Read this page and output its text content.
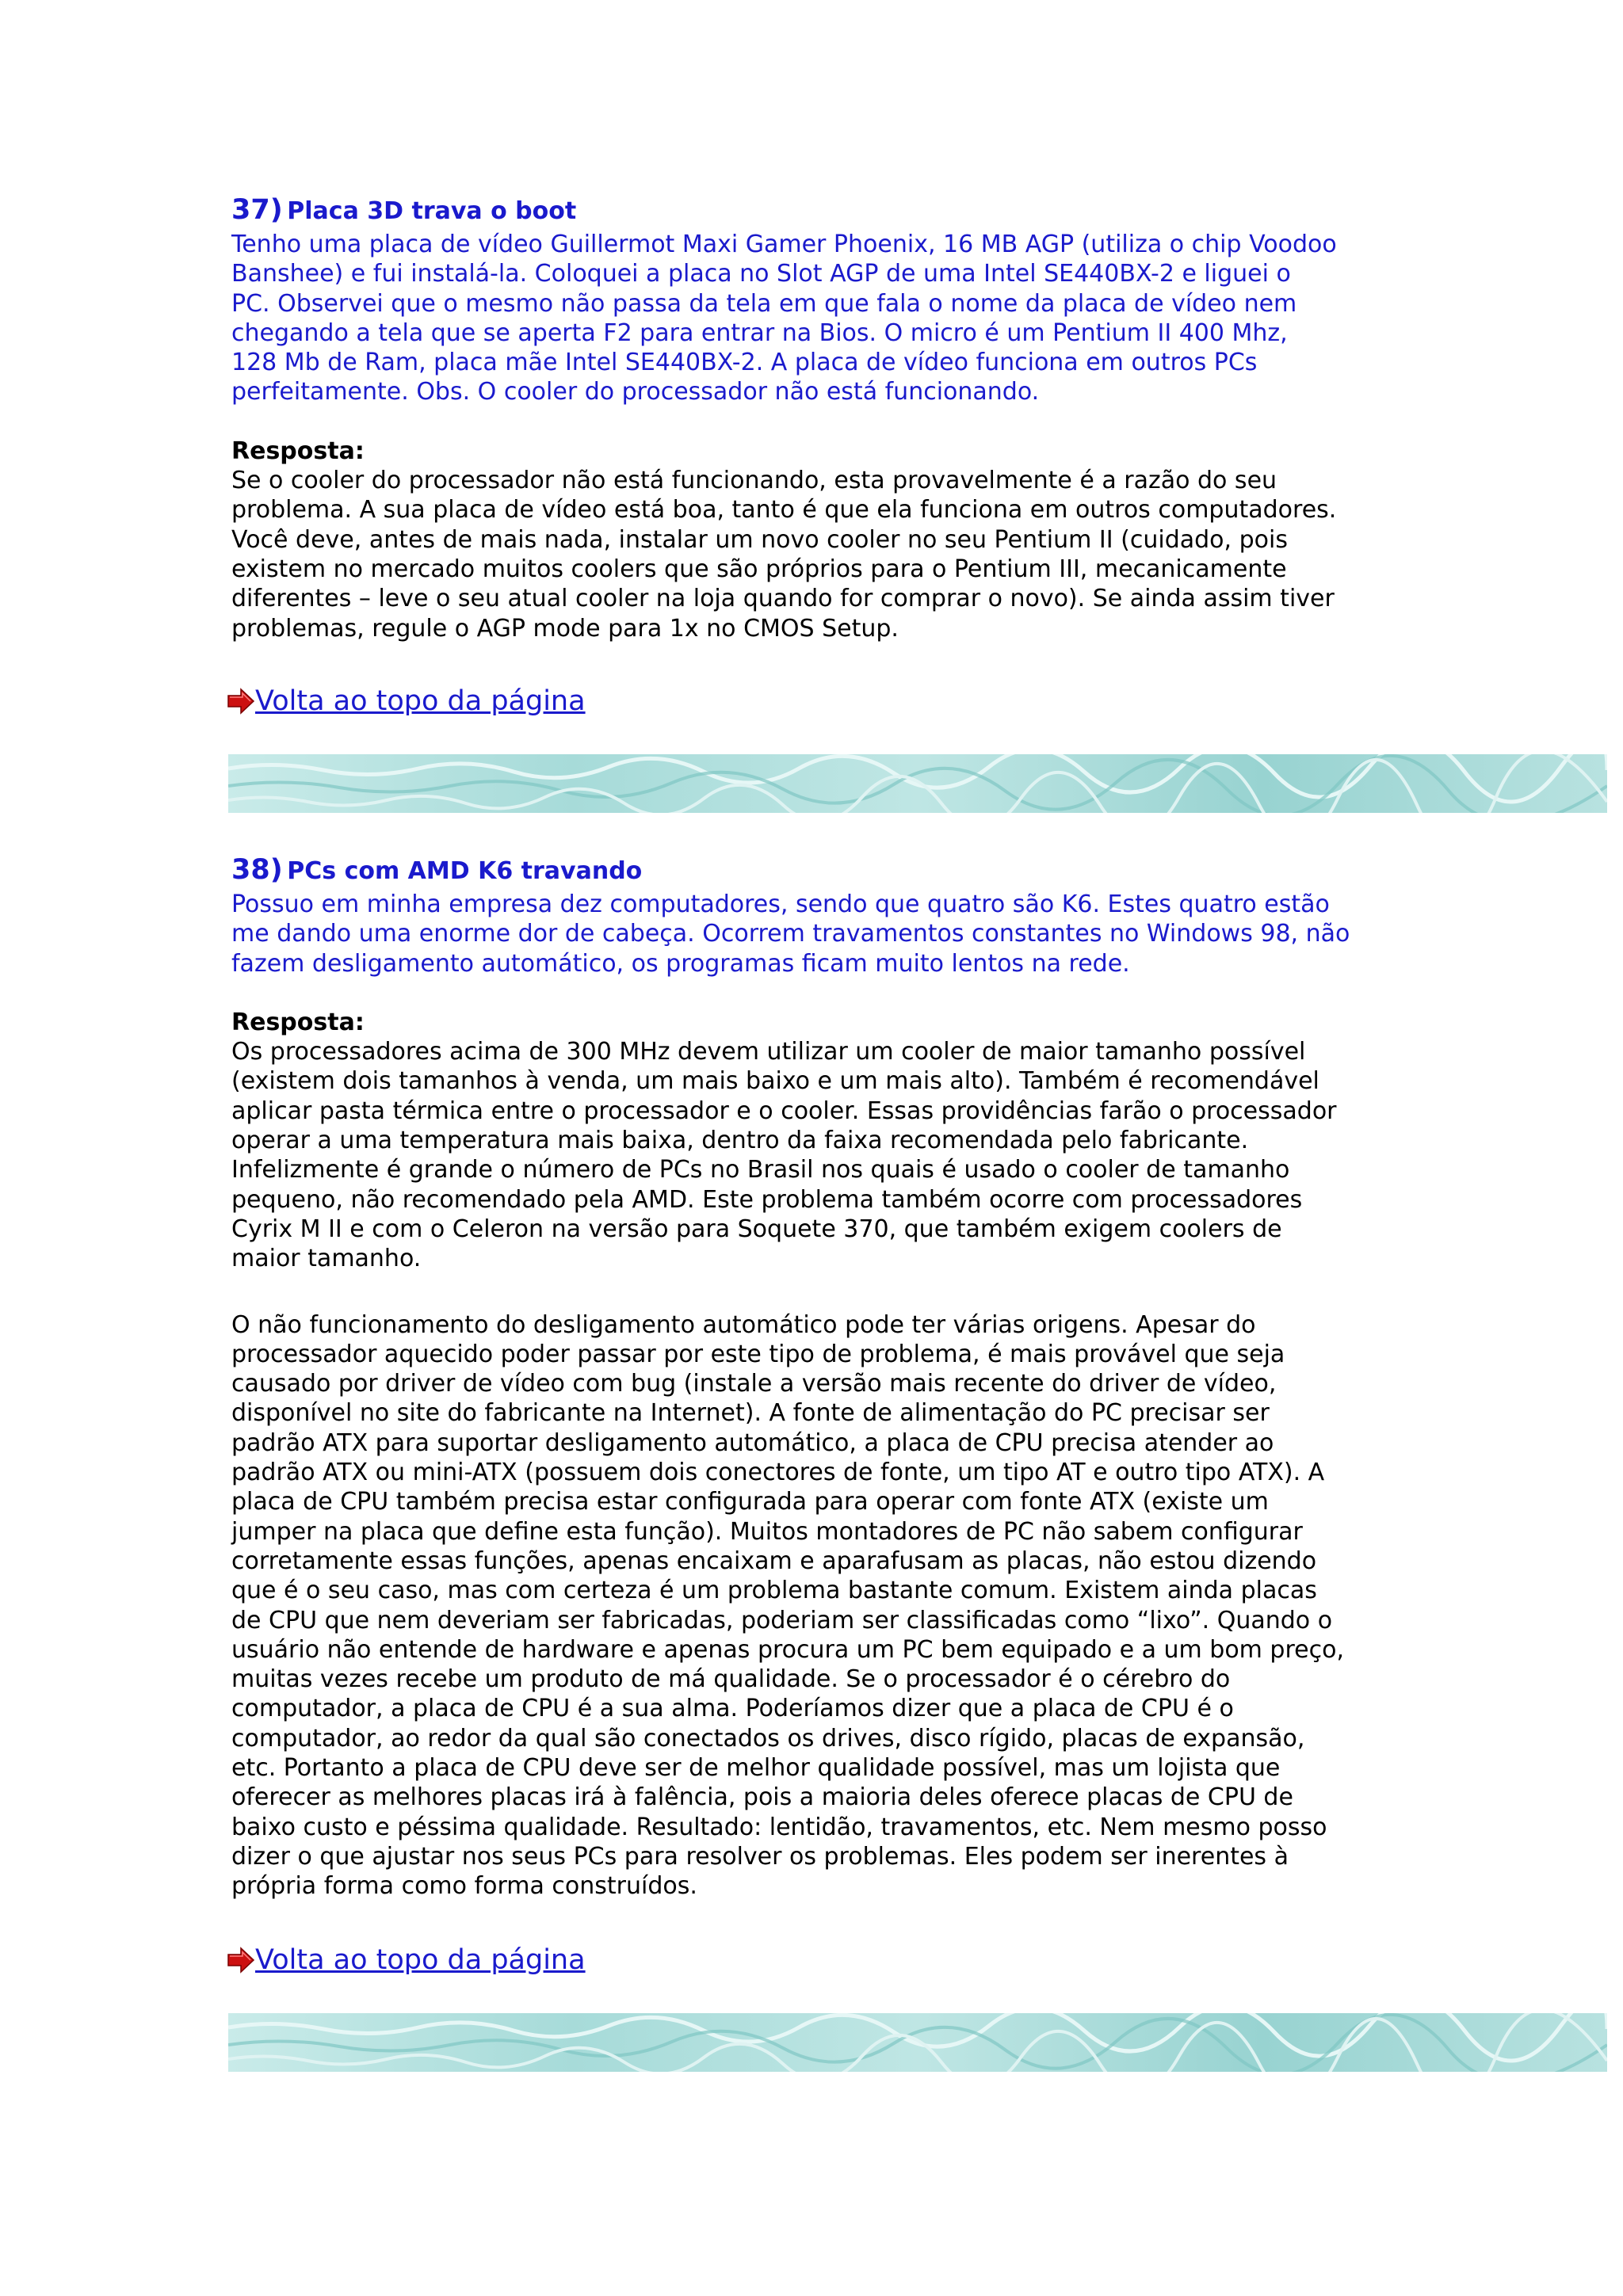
37) Placa 3D trava o boot

Tenho uma placa de vídeo Guillermot Maxi Gamer Phoenix, 16 MB AGP (utiliza o chip Voodoo
Banshee) e fui instalá-la. Coloquei a placa no Slot AGP de uma Intel SE440BX-2 e liguei o
PC. Observei que o mesmo não passa da tela em que fala o nome da placa de vídeo nem
chegando a tela que se aperta F2 para entrar na Bios. O micro é um Pentium II 400 Mhz,
128 Mb de Ram, placa mãe Intel SE440BX-2. A placa de vídeo funciona em outros PCs
perfeitamente. Obs. O cooler do processador não está funcionando.

Resposta:

Se o cooler do processador não está funcionando, esta provavelmente é a razão do seu
problema. A sua placa de vídeo está boa, tanto é que ela funciona em outros computadores.
Você deve, antes de mais nada, instalar um novo cooler no seu Pentium II (cuidado, pois
existem no mercado muitos coolers que são próprios para o Pentium III, mecanicamente
diferentes – leve o seu atual cooler na loja quando for comprar o novo). Se ainda assim tiver
problemas, regule o AGP mode para 1x no CMOS Setup.

Volta ao topo da página

38) PCs com AMD K6 travando

Possuo em minha empresa dez computadores, sendo que quatro são K6. Estes quatro estão
me dando uma enorme dor de cabeça. Ocorrem travamentos constantes no Windows 98, não
fazem desligamento automático, os programas ficam muito lentos na rede.

Resposta:

Os processadores acima de 300 MHz devem utilizar um cooler de maior tamanho possível
(existem dois tamanhos à venda, um mais baixo e um mais alto). Também é recomendável
aplicar pasta térmica entre o processador e o cooler. Essas providências farão o processador
operar a uma temperatura mais baixa, dentro da faixa recomendada pelo fabricante.
Infelizmente é grande o número de PCs no Brasil nos quais é usado o cooler de tamanho
pequeno, não recomendado pela AMD. Este problema também ocorre com processadores
Cyrix M II e com o Celeron na versão para Soquete 370, que também exigem coolers de
maior tamanho.

O não funcionamento do desligamento automático pode ter várias origens. Apesar do
processador aquecido poder passar por este tipo de problema, é mais provável que seja
causado por driver de vídeo com bug (instale a versão mais recente do driver de vídeo,
disponível no site do fabricante na Internet). A fonte de alimentação do PC precisar ser
padrão ATX para suportar desligamento automático, a placa de CPU precisa atender ao
padrão ATX ou mini-ATX (possuem dois conectores de fonte, um tipo AT e outro tipo ATX). A
placa de CPU também precisa estar configurada para operar com fonte ATX (existe um
jumper na placa que define esta função). Muitos montadores de PC não sabem configurar
corretamente essas funções, apenas encaixam e aparafusam as placas, não estou dizendo
que é o seu caso, mas com certeza é um problema bastante comum. Existem ainda placas
de CPU que nem deveriam ser fabricadas, poderiam ser classificadas como “lixo”. Quando o
usuário não entende de hardware e apenas procura um PC bem equipado e a um bom preço,
muitas vezes recebe um produto de má qualidade. Se o processador é o cérebro do
computador, a placa de CPU é a sua alma. Poderíamos dizer que a placa de CPU é o
computador, ao redor da qual são conectados os drives, disco rígido, placas de expansão,
etc. Portanto a placa de CPU deve ser de melhor qualidade possível, mas um lojista que
oferecer as melhores placas irá à falência, pois a maioria deles oferece placas de CPU de
baixo custo e péssima qualidade. Resultado: lentidão, travamentos, etc. Nem mesmo posso
dizer o que ajustar nos seus PCs para resolver os problemas. Eles podem ser inerentes à
própria forma como forma construídos.

Volta ao topo da página
